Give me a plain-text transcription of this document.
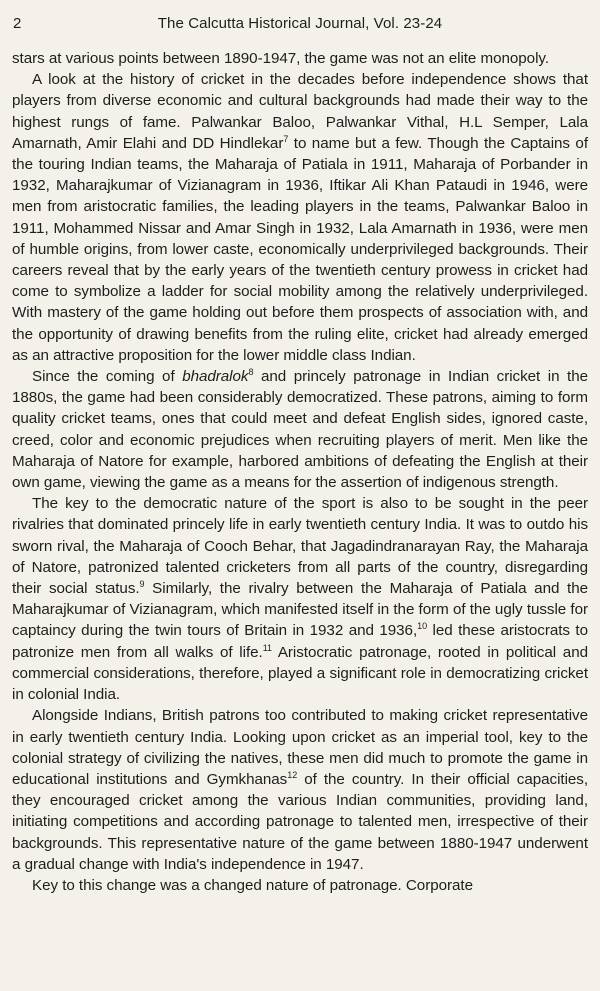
2	The Calcutta Historical Journal, Vol. 23-24

stars at various points between 1890-1947, the game was not an elite monopoly.

A look at the history of cricket in the decades before independence shows that players from diverse economic and cultural backgrounds had made their way to the highest rungs of fame. Palwankar Baloo, Palwankar Vithal, H.L Semper, Lala Amarnath, Amir Elahi and DD Hindlekar$^7$ to name but a few. Though the Captains of the touring Indian teams, the Maharaja of Patiala in 1911, Maharaja of Porbander in 1932, Maharajkumar of Vizianagram in 1936, Iftikar Ali Khan Pataudi in 1946, were men from aristocratic families, the leading players in the teams, Palwankar Baloo in 1911, Mohammed Nissar and Amar Singh in 1932, Lala Amarnath in 1936, were men of humble origins, from lower caste, economically underprivileged backgrounds. Their careers reveal that by the early years of the twentieth century prowess in cricket had come to symbolize a ladder for social mobility among the relatively underprivileged. With mastery of the game holding out before them prospects of association with, and the opportunity of drawing benefits from the ruling elite, cricket had already emerged as an attractive proposition for the lower middle class Indian.

Since the coming of bhadralok$^8$ and princely patronage in Indian cricket in the 1880s, the game had been considerably democratized. These patrons, aiming to form quality cricket teams, ones that could meet and defeat English sides, ignored caste, creed, color and economic prejudices when recruiting players of merit. Men like the Maharaja of Natore for example, harbored ambitions of defeating the English at their own game, viewing the game as a means for the assertion of indigenous strength.

The key to the democratic nature of the sport is also to be sought in the peer rivalries that dominated princely life in early twentieth century India. It was to outdo his sworn rival, the Maharaja of Cooch Behar, that Jagadindranarayan Ray, the Maharaja of Natore, patronized talented cricketers from all parts of the country, disregarding their social status.$^9$ Similarly, the rivalry between the Maharaja of Patiala and the Maharajkumar of Vizianagram, which manifested itself in the form of the ugly tussle for captaincy during the twin tours of Britain in 1932 and 1936,10 led these aristocrats to patronize men from all walks of life.$^{11}$ Aristocratic patronage, rooted in political and commercial considerations, therefore, played a significant role in democratizing cricket in colonial India.

Alongside Indians, British patrons too contributed to making cricket representative in early twentieth century India. Looking upon cricket as an imperial tool, key to the colonial strategy of civilizing the natives, these men did much to promote the game in educational institutions and Gymkhanas$^{12}$ of the country. In their official capacities, they encouraged cricket among the various Indian communities, providing land, initiating competitions and according patronage to talented men, irrespective of their backgrounds. This representative nature of the game between 1880-1947 underwent a gradual change with India's independence in 1947.

Key to this change was a changed nature of patronage. Corporate
